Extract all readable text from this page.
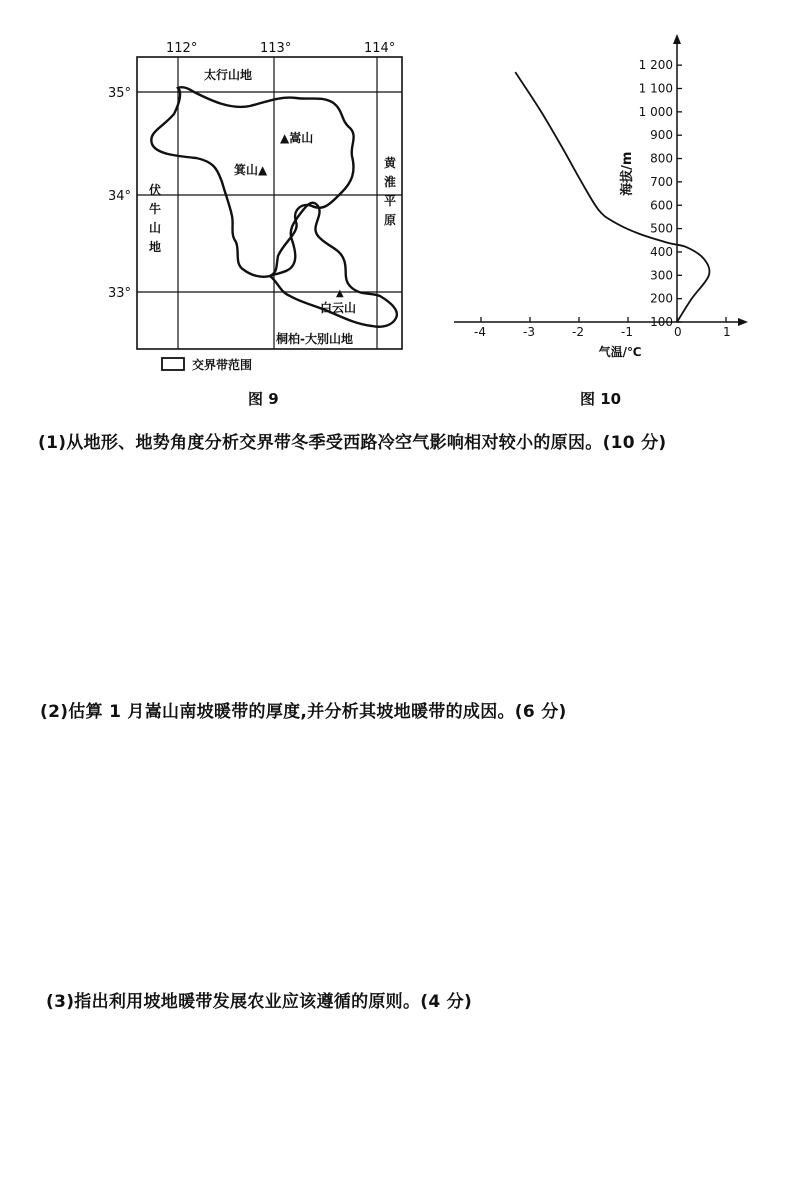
112°	113°	114°
35°
34°
33°
太行山地
▲嵩山
箕山▲	黄
淮
平
原
伏
牛
山
地
▲
白云山
桐柏-大别山地
交界带范围
-4	-3	-2	-1	0	1
100
200
300
400
500
600
700
800
900
1 000
1 100
1 200
气温/℃
海拔/m
图 9	图 10
(1)从地形、地势角度分析交界带冬季受西路冷空气影响相对较小的原因。(10 分)
(2)估算 1 月嵩山南坡暖带的厚度,并分析其坡地暖带的成因。(6 分)
(3)指出利用坡地暖带发展农业应该遵循的原则。(4 分)
